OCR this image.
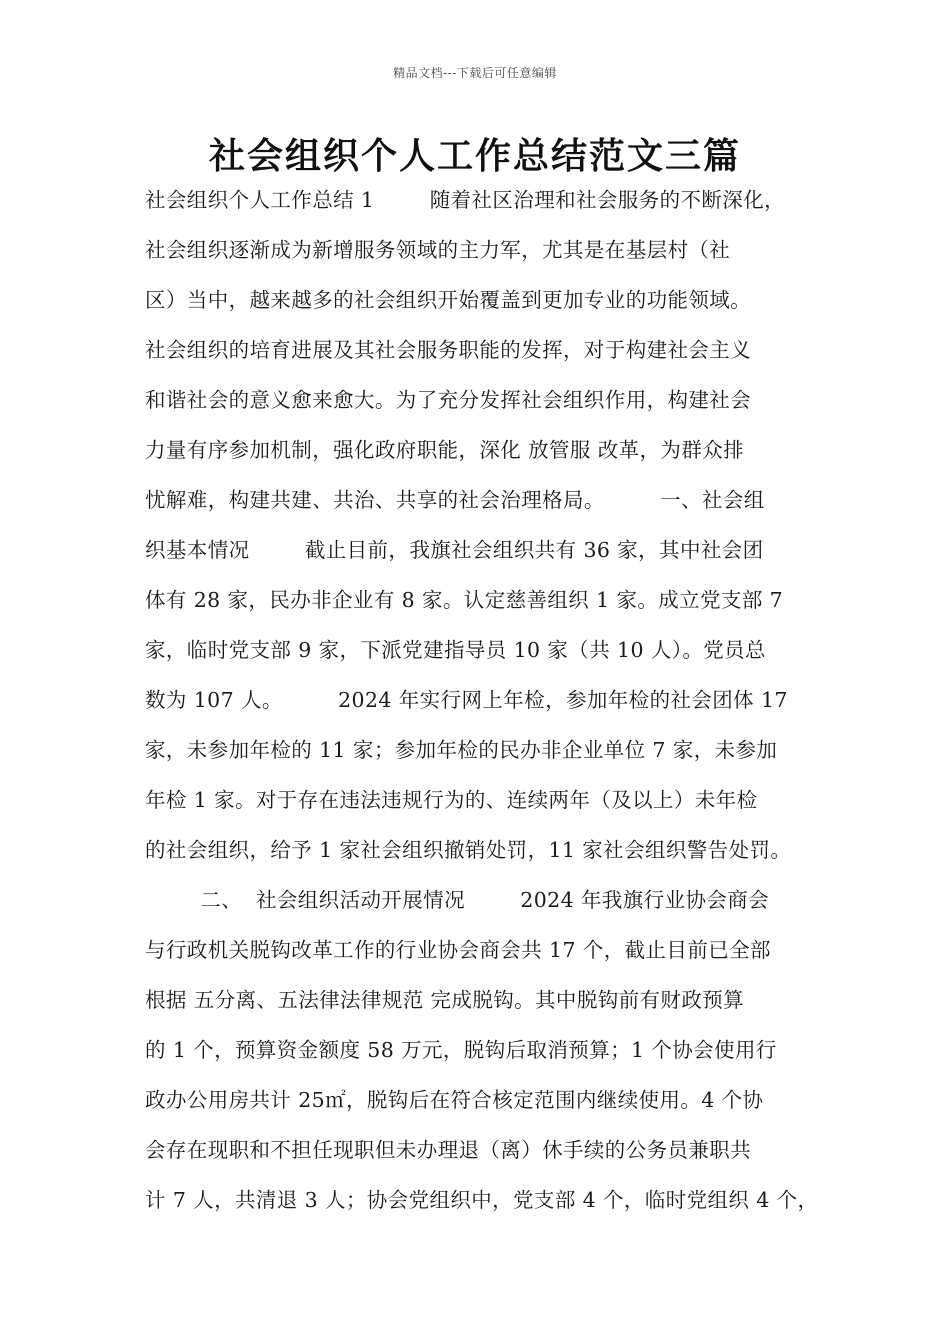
精品文档---下载后可任意编辑
社会组织个人工作总结范文三篇
社会组织个人工作总结 1        随着社区治理和社会服务的不断深化，
社会组织逐渐成为新增服务领域的主力军，尤其是在基层村（社
区）当中，越来越多的社会组织开始覆盖到更加专业的功能领域。
社会组织的培育进展及其社会服务职能的发挥，对于构建社会主义
和谐社会的意义愈来愈大。为了充分发挥社会组织作用，构建社会
力量有序参加机制，强化政府职能，深化 放管服 改革，为群众排
忧解难，构建共建、共治、共享的社会治理格局。        一、社会组
织基本情况        截止目前，我旗社会组织共有 36 家，其中社会团
体有 28 家，民办非企业有 8 家。认定慈善组织 1 家。成立党支部 7
家，临时党支部 9 家，下派党建指导员 10 家（共 10 人）。党员总
数为 107 人。        2024 年实行网上年检，参加年检的社会团体 17
家，未参加年检的 11 家；参加年检的民办非企业单位 7 家，未参加
年检 1 家。对于存在违法违规行为的、连续两年（及以上）未年检
的社会组织，给予 1 家社会组织撤销处罚，11 家社会组织警告处罚。
二、  社会组织活动开展情况        2024 年我旗行业协会商会
与行政机关脱钩改革工作的行业协会商会共 17 个，截止目前已全部
根据 五分离、五法律法律规范 完成脱钩。其中脱钩前有财政预算
的 1 个，预算资金额度 58 万元，脱钩后取消预算；1 个协会使用行
政办公用房共计 25㎡，脱钩后在符合核定范围内继续使用。4 个协
会存在现职和不担任现职但未办理退（离）休手续的公务员兼职共
计 7 人，共清退 3 人；协会党组织中，党支部 4 个，临时党组织 4 个，
